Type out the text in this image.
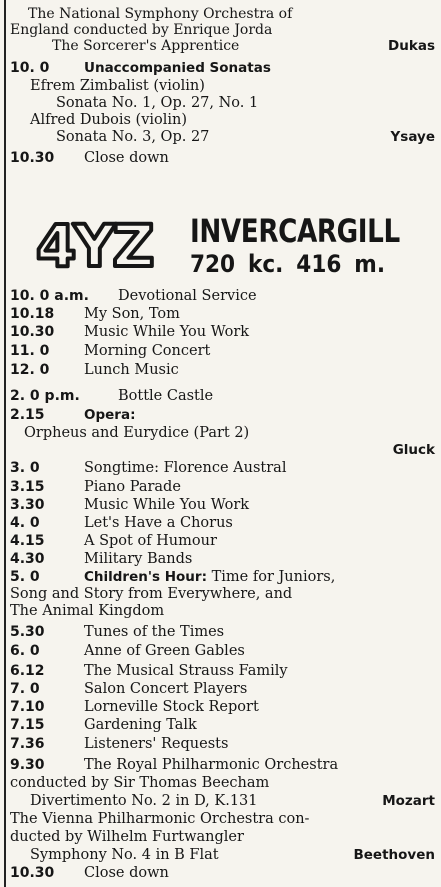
The National Symphony Orchestra of
England conducted by Enrique Jorda
The Sorcerer's Apprentice	Dukas
10. 0	Unaccompanied Sonatas
Efrem Zimbalist (violin)
Sonata No. 1, Op. 27, No. 1
Alfred Dubois (violin)
Sonata No. 3, Op. 27	Ysaye
10.30 Close down
4YZ INVERCARGILL
720 kc. 416 m.
10. 0 a.m. Devotional Service
10.18 My Son, Tom
10.30 Music While You Work
11. 0 Morning Concert
12. 0 Lunch Music
2. 0 p.m.	Bottle Castle
2.15	Opera:
Orpheus and Eurydice (Part 2)
Gluck
3. 0	Songtime: Florence Austral
3.15	Piano Parade
3.30	Music While You Work
4. 0	Let's Have a Chorus
4.15	A Spot of Humour
4.30	Military Bands
5. 0	Children's Hour: Time for Juniors,
Song and Story from Everywhere, and
The Animal Kingdom
5.30	Tunes of the Times
6. 0	Anne of Green Gables
6.12	The Musical Strauss Family
7. 0	Salon Concert Players
7.10	Lorneville Stock Report
7.15	Gardening Talk
7.36	Listeners' Requests
9.30	The Royal Philharmonic Orchestra
conducted by Sir Thomas Beecham
Divertimento No. 2 in D, K.131	Mozart
The Vienna Philharmonic Orchestra con-
ducted by Wilhelm Furtwangler
Symphony No. 4 in B Flat	Beethoven
10.30 Close down
